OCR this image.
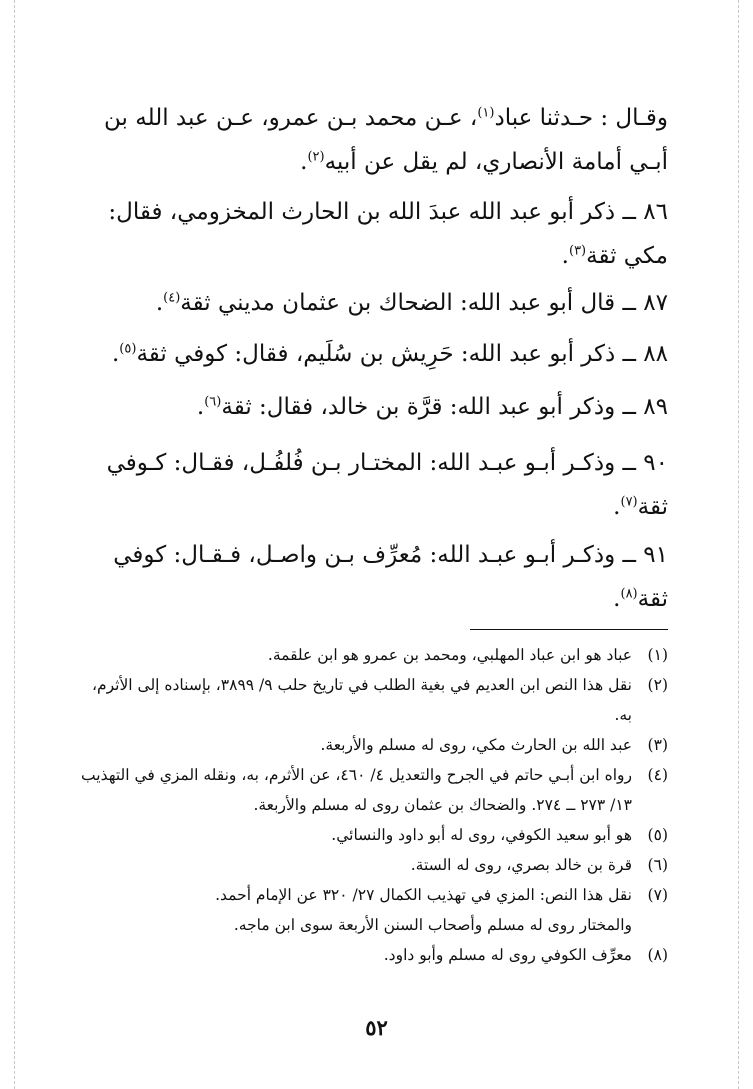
وقـال : حـدثنا عباد$^{(١)}$، عـن محمد بـن عمرو، عـن عبد الله بن أبـي أمامة الأنصاري، لم يقل عن أبيه$^{(٢)}$.

٨٦ ــ ذكر أبو عبد الله عبدَ الله بن الحارث المخزومي، فقال: مكي ثقة$^{(٣)}$.

٨٧ ــ قال أبو عبد الله: الضحاك بن عثمان مديني ثقة$^{(٤)}$.

٨٨ ــ ذكر أبو عبد الله: حَرِيش بن سُلَيم، فقال: كوفي ثقة$^{(٥)}$.

٨٩ ــ وذكر أبو عبد الله: قرَّة بن خالد، فقال: ثقة$^{(٦)}$.

٩٠ ــ وذكـر أبـو عبـد الله: المختـار بـن فُلفُـل، فقـال: كـوفي ثقة$^{(٧)}$.

٩١ ــ وذكـر أبـو عبـد الله: مُعرِّف بـن واصـل، فـقـال: كوفي ثقة$^{(٨)}$.

(١)
عباد هو ابن عباد المهلبي، ومحمد بن عمرو هو ابن علقمة.
(٢)
نقل هذا النص ابن العديم في بغية الطلب في تاريخ حلب ٩/ ٣٨٩٩، بإسناده إلى الأثرم، به.
(٣)
عبد الله بن الحارث مكي، روى له مسلم والأربعة.
(٤)
رواه ابن أبـي حاتم في الجرح والتعديل ٤/ ٤٦٠، عن الأثرم، به، ونقله المزي في التهذيب ١٣/ ٢٧٣ ــ ٢٧٤. والضحاك بن عثمان روى له مسلم والأربعة.
(٥)
هو أبو سعيد الكوفي، روى له أبو داود والنسائي.
(٦)
قرة بن خالد بصري، روى له الستة.
(٧)
نقل هذا النص: المزي في تهذيب الكمال ٢٧/ ٣٢٠ عن الإمام أحمد.
والمختار روى له مسلم وأصحاب السنن الأربعة سوى ابن ماجه.
(٨)
معرِّف الكوفي روى له مسلم وأبو داود.
٥٢
